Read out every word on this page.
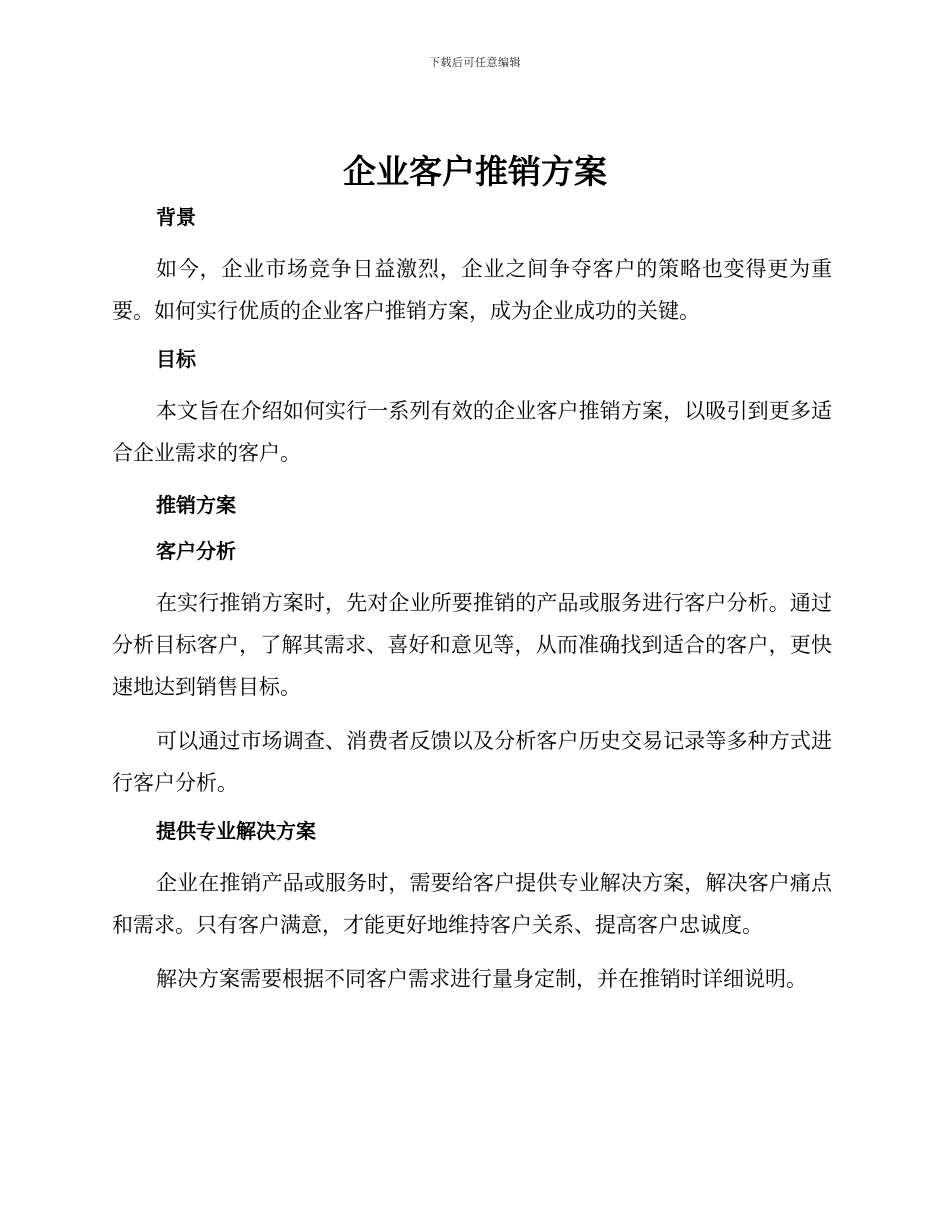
下载后可任意编辑
企业客户推销方案
背景

如今，企业市场竞争日益激烈，企业之间争夺客户的策略也变得更为重要。如何实行优质的企业客户推销方案，成为企业成功的关键。

目标

本文旨在介绍如何实行一系列有效的企业客户推销方案，以吸引到更多适合企业需求的客户。

推销方案
客户分析

在实行推销方案时，先对企业所要推销的产品或服务进行客户分析。通过分析目标客户，了解其需求、喜好和意见等，从而准确找到适合的客户，更快速地达到销售目标。

可以通过市场调查、消费者反馈以及分析客户历史交易记录等多种方式进行客户分析。

提供专业解决方案

企业在推销产品或服务时，需要给客户提供专业解决方案，解决客户痛点和需求。只有客户满意，才能更好地维持客户关系、提高客户忠诚度。

解决方案需要根据不同客户需求进行量身定制，并在推销时详细说明。
